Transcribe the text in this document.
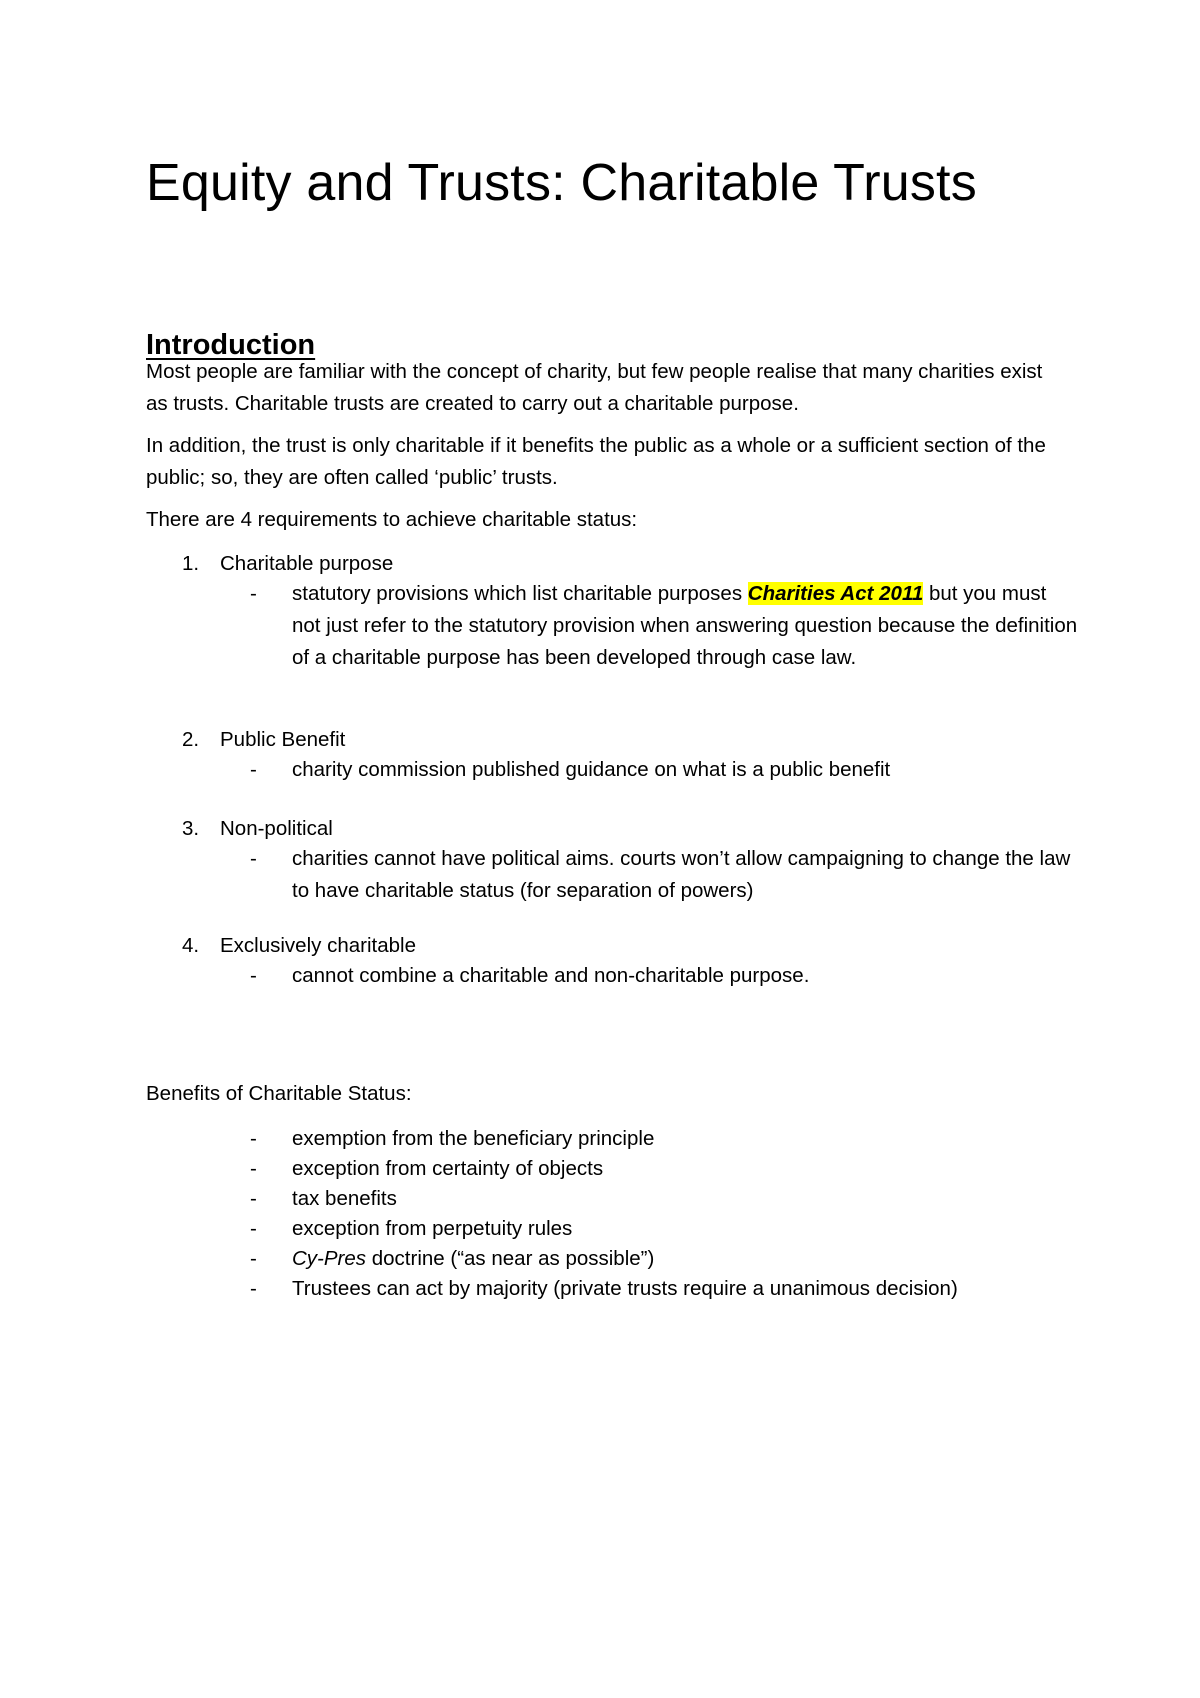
Equity and Trusts: Charitable Trusts
Introduction

Most people are familiar with the concept of charity, but few people realise that many charities exist as trusts. Charitable trusts are created to carry out a charitable purpose.

In addition, the trust is only charitable if it benefits the public as a whole or a sufficient section of the public; so, they are often called ‘public’ trusts.

There are 4 requirements to achieve charitable status:

1. Charitable purpose
- statutory provisions which list charitable purposes Charities Act 2011 but you must not just refer to the statutory provision when answering question because the definition of a charitable purpose has been developed through case law.
2. Public Benefit
- charity commission published guidance on what is a public benefit
3. Non-political
- charities cannot have political aims. courts won’t allow campaigning to change the law to have charitable status (for separation of powers)
4. Exclusively charitable
- cannot combine a charitable and non-charitable purpose.

Benefits of Charitable Status:

- exemption from the beneficiary principle
- exception from certainty of objects
- tax benefits
- exception from perpetuity rules
- Cy-Pres doctrine (“as near as possible”)
- Trustees can act by majority (private trusts require a unanimous decision)
